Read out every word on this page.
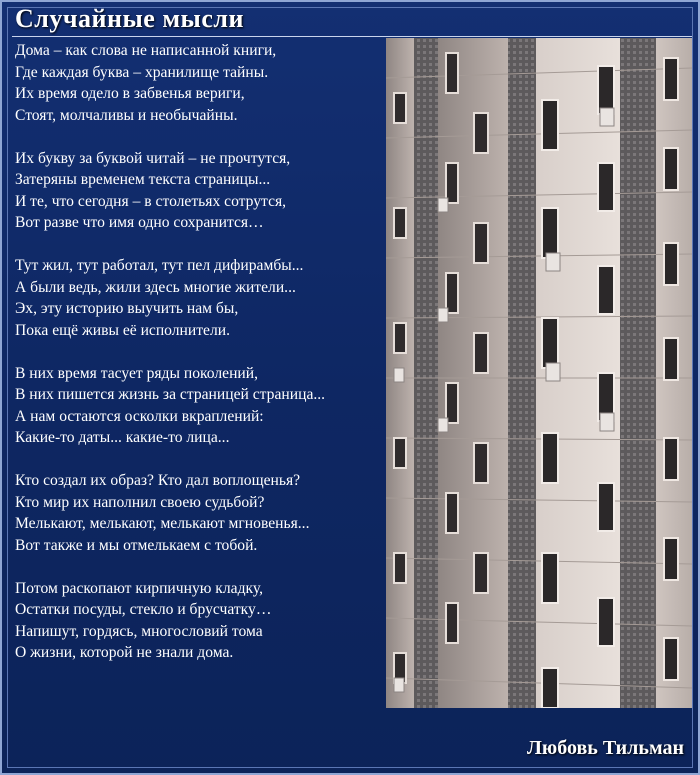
Случайные мысли
Дома – как слова не написанной книги,
Где каждая буква – хранилище тайны.
Их время одело в забвенья вериги,
Стоят, молчаливы и необычайны.
Их букву за буквой читай – не прочтутся,
Затеряны временем текста страницы...
И те, что сегодня – в столетьях сотрутся,
Вот разве что имя одно сохранится…
Тут жил, тут работал, тут пел дифирамбы...
А были ведь, жили здесь многие жители...
Эх, эту историю выучить нам бы,
Пока ещё живы её исполнители.
В них время тасует ряды поколений,
В них пишется жизнь за страницей страница...
А нам остаются осколки вкраплений:
Какие-то даты... какие-то лица...
Кто создал их образ? Кто дал воплощенья?
Кто мир их наполнил своею судьбой?
Мелькают, мелькают, мелькают мгновенья...
Вот также и мы отмелькаем с тобой.
Потом раскопают кирпичную кладку,
Остатки посуды, стекло и брусчатку…
Напишут, гордясь, многословий тома
О жизни, которой не знали дома.
Любовь Тильман
